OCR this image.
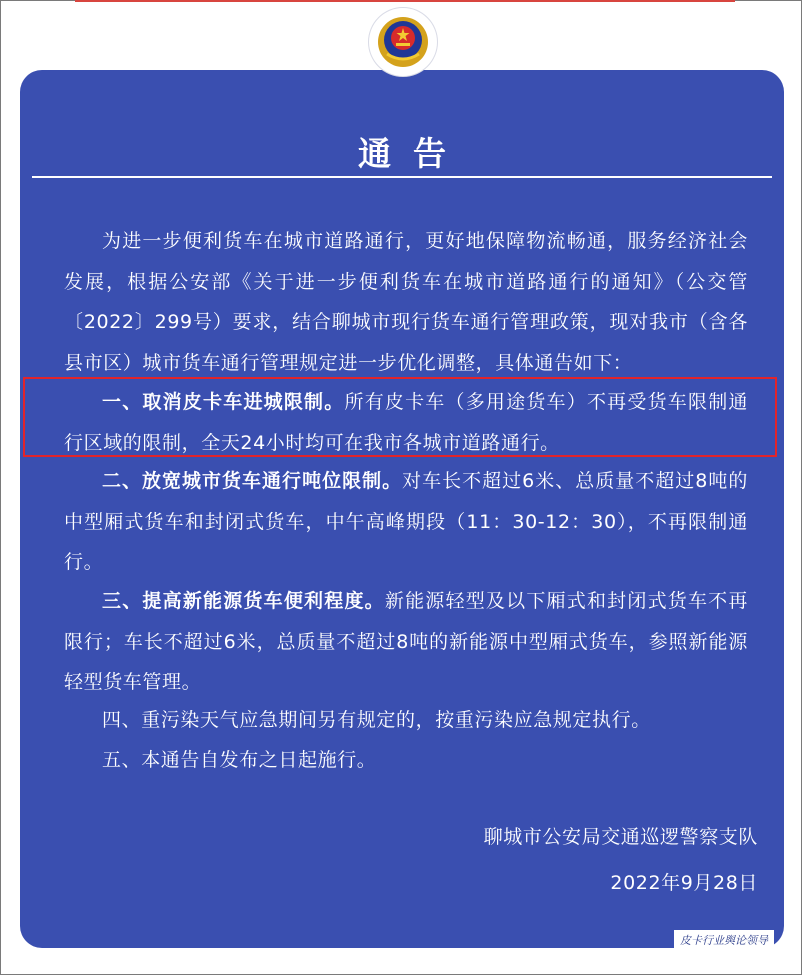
通告
为进一步便利货车在城市道路通行，更好地保障物流畅通，服务经济社会发展，根据公安部《关于进一步便利货车在城市道路通行的通知》（公交管〔2022〕299号）要求，结合聊城市现行货车通行管理政策，现对我市（含各县市区）城市货车通行管理规定进一步优化调整，具体通告如下：
一、取消皮卡车进城限制。所有皮卡车（多用途货车）不再受货车限制通行区域的限制，全天24小时均可在我市各城市道路通行。
二、放宽城市货车通行吨位限制。对车长不超过6米、总质量不超过8吨的中型厢式货车和封闭式货车，中午高峰期段（11：30-12：30），不再限制通行。
三、提高新能源货车便利程度。新能源轻型及以下厢式和封闭式货车不再限行；车长不超过6米，总质量不超过8吨的新能源中型厢式货车，参照新能源轻型货车管理。
四、重污染天气应急期间另有规定的，按重污染应急规定执行。
五、本通告自发布之日起施行。
聊城市公安局交通巡逻警察支队
2022年9月28日
皮卡行业舆论领导
